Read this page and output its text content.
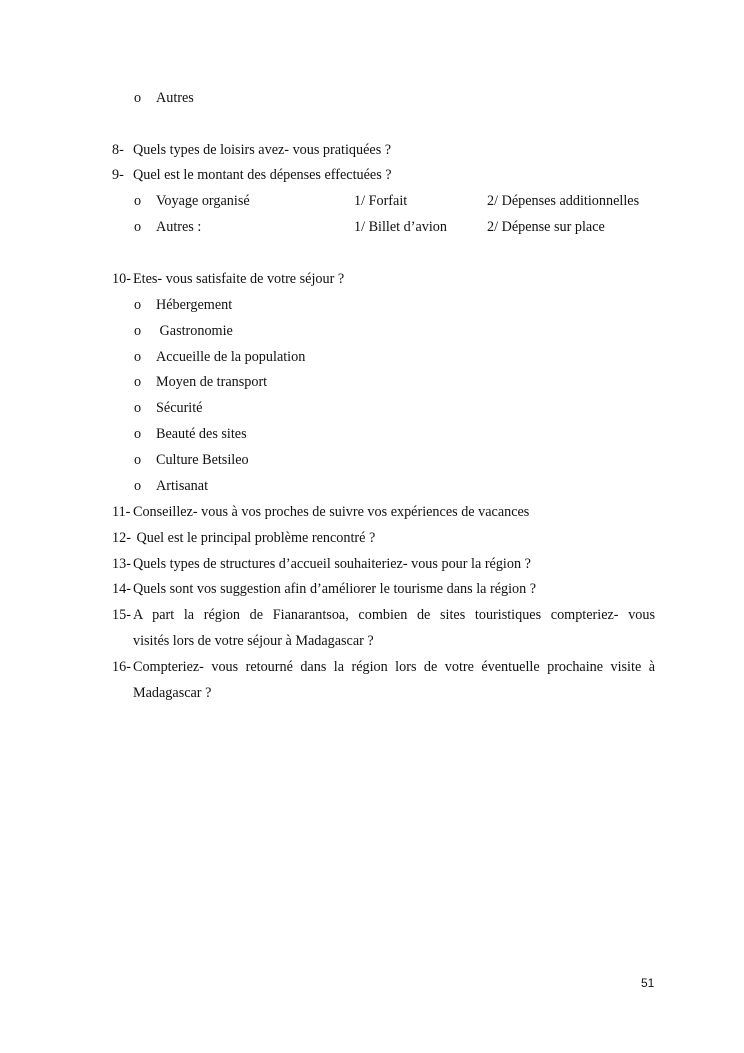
o	Autres
8- Quels types de loisirs avez- vous pratiquées ?
9- Quel est le montant des dépenses effectuées ?
o	Voyage organisé	1/ Forfait	2/ Dépenses additionnelles
o	Autres :	1/ Billet d’avion	2/ Dépense sur place
10- Etes- vous satisfaite de votre séjour ?
o	Hébergement
o	Gastronomie
o	Accueille de la population
o	Moyen de transport
o	Sécurité
o	Beauté des sites
o	Culture Betsileo
o	Artisanat
11- Conseillez- vous à vos proches de suivre vos expériences de vacances
12- Quel est le principal problème rencontré ?
13- Quels types de structures d’accueil souhaiteriez- vous pour la région ?
14- Quels sont vos suggestion afin d’améliorer le tourisme dans la région ?
15- A part la région de Fianarantsoa, combien de sites touristiques compteriez- vous
visités lors de votre séjour à Madagascar ?
16- Compteriez- vous retourné dans la région lors de votre éventuelle prochaine visite à
Madagascar ?
51
